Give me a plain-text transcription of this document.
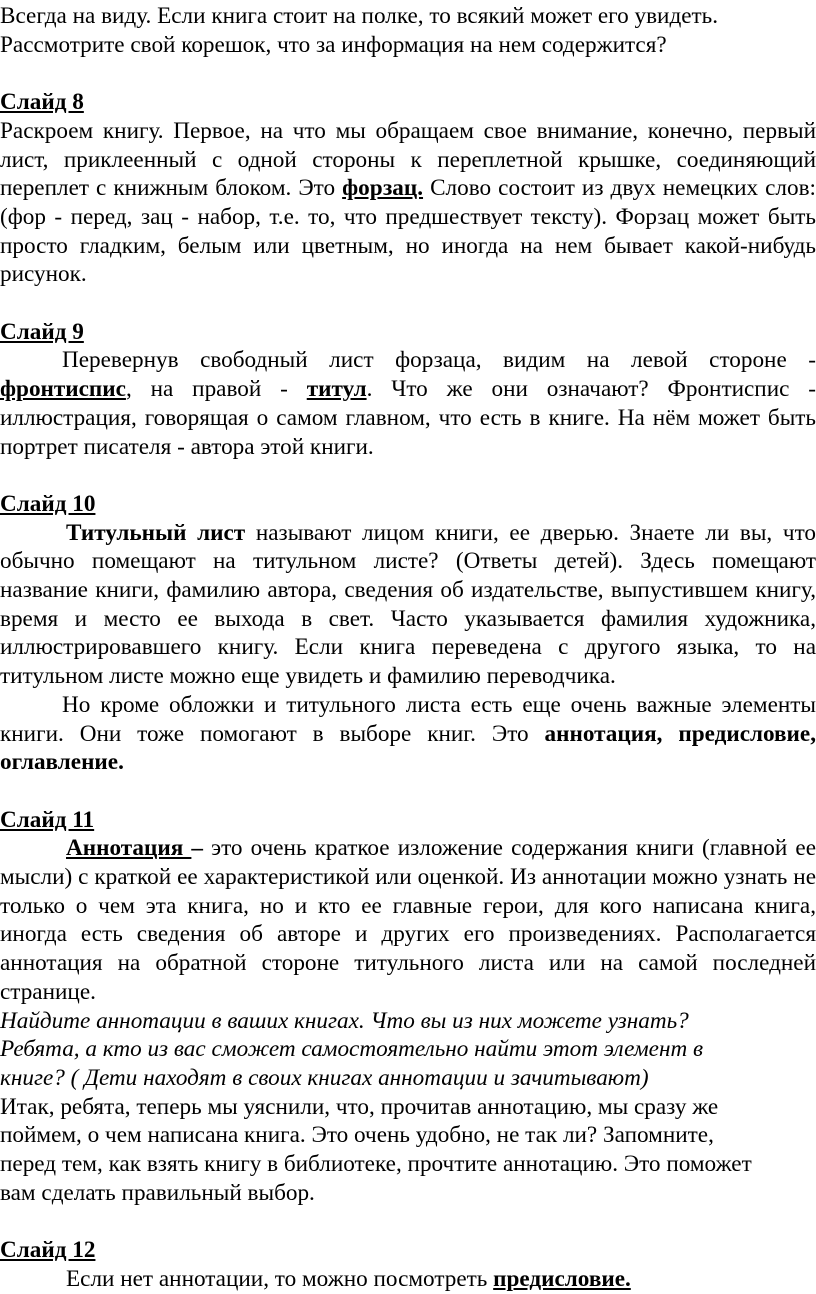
Всегда на виду. Если книга стоит на полке, то всякий может его увидеть.

Рассмотрите свой корешок, что за информация на нем содержится?

Слайд 8

Раскроем книгу. Первое, на что мы обращаем свое внимание, конечно, первый лист, приклеенный с одной стороны к переплетной крышке, соединяющий переплет с книжным блоком. Это форзац. Слово состоит из двух немецких слов: (фор - перед, зац - набор, т.е. то, что предшествует тексту). Форзац может быть просто гладким, белым или цветным, но иногда на нем бывает какой-нибудь рисунок.

Слайд 9

Перевернув свободный лист форзаца, видим на левой стороне - фронтиспис, на правой - титул. Что же они означают? Фронтиспис - иллюстрация, говорящая о самом главном, что есть в книге. На нём может быть портрет писателя - автора этой книги.

Слайд 10

Титульный лист называют лицом книги, ее дверью. Знаете ли вы, что обычно помещают на титульном листе? (Ответы детей). Здесь помещают название книги, фамилию автора, сведения об издательстве, выпустившем книгу, время и место ее выхода в свет. Часто указывается фамилия художника, иллюстрировавшего книгу. Если книга переведена с другого языка, то на титульном листе можно еще увидеть и фамилию переводчика.

Но кроме обложки и титульного листа есть еще очень важные элементы книги. Они тоже помогают в выборе книг. Это аннотация, предисловие, оглавление.

Слайд 11

Аннотация – это очень краткое изложение содержания книги (главной ее мысли) с краткой ее характеристикой или оценкой. Из аннотации можно узнать не только о чем эта книга, но и кто ее главные герои, для кого написана книга, иногда есть сведения об авторе и других его произведениях. Располагается аннотация на обратной стороне титульного листа или на самой последней странице.

Найдите аннотации в ваших книгах. Что вы из них можете узнать?

Ребята, а кто из вас сможет самостоятельно найти этот элемент в

книге? ( Дети находят в своих книгах аннотации и зачитывают)

Итак, ребята, теперь мы уяснили, что, прочитав аннотацию, мы сразу же

поймем, о чем написана книга. Это очень удобно, не так ли? Запомните,

перед тем, как взять книгу в библиотеке, прочтите аннотацию. Это поможет

вам сделать правильный выбор.

Слайд 12

Если нет аннотации, то можно посмотреть предисловие.
